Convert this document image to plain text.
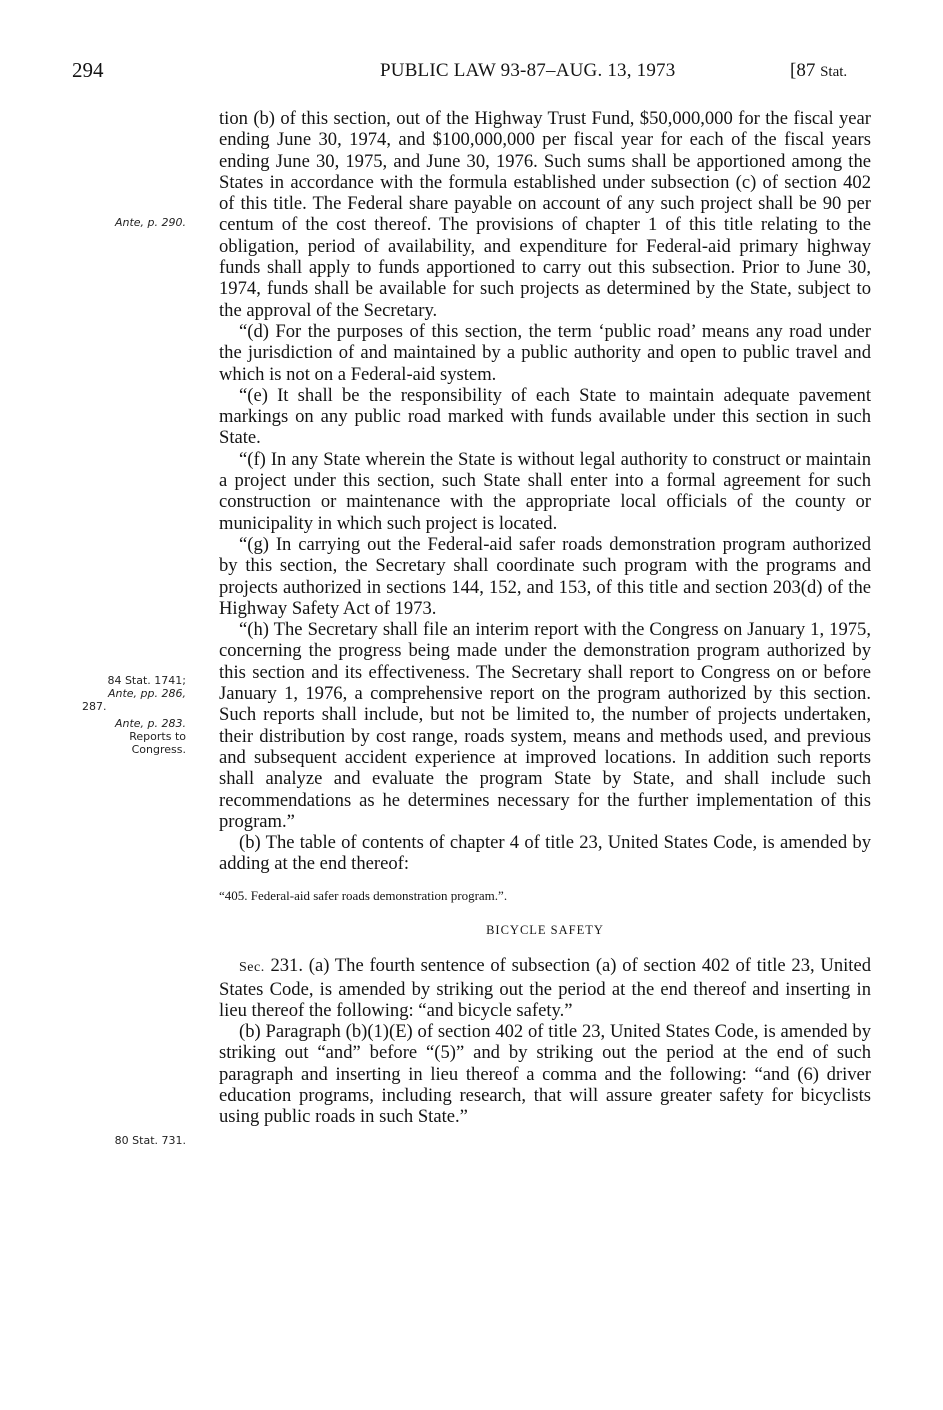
294	PUBLIC LAW 93-87–AUG. 13, 1973	[87 Stat.

tion (b) of this section, out of the Highway Trust Fund, $50,000,000 for the fiscal year ending June 30, 1974, and $100,000,000 per fiscal year for each of the fiscal years ending June 30, 1975, and June 30, 1976. Such sums shall be apportioned among the States in accordance with the formula established under subsection (c) of section 402 of this title. The Federal share payable on account of any such project shall be 90 per centum of the cost thereof. The provisions of chapter 1 of this title relating to the obligation, period of availability, and expenditure for Federal-aid primary highway funds shall apply to funds apportioned to carry out this subsection. Prior to June 30, 1974, funds shall be available for such projects as determined by the State, subject to the approval of the Secretary.

“(d) For the purposes of this section, the term ‘public road’ means any road under the jurisdiction of and maintained by a public authority and open to public travel and which is not on a Federal-aid system.

“(e) It shall be the responsibility of each State to maintain adequate pavement markings on any public road marked with funds available under this section in such State.

“(f) In any State wherein the State is without legal authority to construct or maintain a project under this section, such State shall enter into a formal agreement for such construction or maintenance with the appropriate local officials of the county or municipality in which such project is located.

“(g) In carrying out the Federal-aid safer roads demonstration program authorized by this section, the Secretary shall coordinate such program with the programs and projects authorized in sections 144, 152, and 153, of this title and section 203(d) of the Highway Safety Act of 1973.

“(h) The Secretary shall file an interim report with the Congress on January 1, 1975, concerning the progress being made under the demonstration program authorized by this section and its effectiveness. The Secretary shall report to Congress on or before January 1, 1976, a comprehensive report on the program authorized by this section. Such reports shall include, but not be limited to, the number of projects undertaken, their distribution by cost range, roads system, means and methods used, and previous and subsequent accident experience at improved locations. In addition such reports shall analyze and evaluate the program State by State, and shall include such recommendations as he determines necessary for the further implementation of this program.”

(b) The table of contents of chapter 4 of title 23, United States Code, is amended by adding at the end thereof:

“405. Federal-aid safer roads demonstration program.”.

BICYCLE SAFETY

Sec. 231. (a) The fourth sentence of subsection (a) of section 402 of title 23, United States Code, is amended by striking out the period at the end thereof and inserting in lieu thereof the following: “and bicycle safety.”

(b) Paragraph (b)(1)(E) of section 402 of title 23, United States Code, is amended by striking out “and” before “(5)” and by striking out the period at the end of such paragraph and inserting in lieu thereof a comma and the following: “and (6) driver education programs, including research, that will assure greater safety for bicyclists using public roads in such State.”

Ante, p. 290.
84 Stat. 1741;
Ante, pp. 286,
287.
Ante, p. 283.
Reports to
Congress.
80 Stat. 731.
